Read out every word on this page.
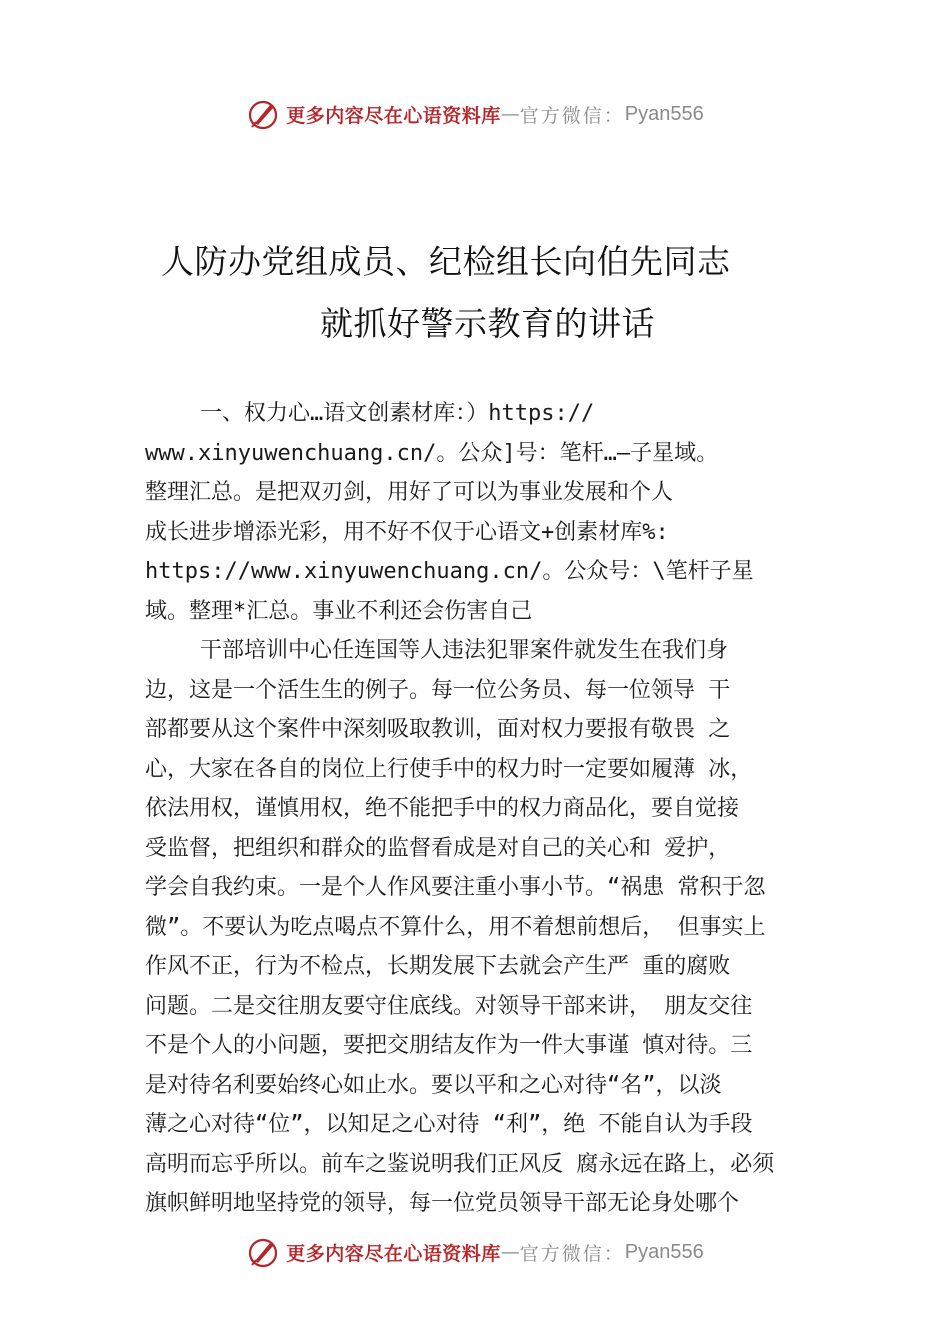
更多内容尽在心语资料库 — 官方微信： Pyan556
人防办党组成员、纪检组长向伯先同志
就抓好警示教育的讲话
一、权力心…语文创素材库：）https://
www.xinyuwenchuang.cn/。公众]号：笔杆…—子星域。
整理汇总。是把双刃剑，用好了可以为事业发展和个人
成长进步增添光彩，用不好不仅于心语文+创素材库%:
https://www.xinyuwenchuang.cn/。公众号：\笔杆子星
域。整理*汇总。事业不利还会伤害自己
干部培训中心任连国等人违法犯罪案件就发生在我们身
边，这是一个活生生的例子。每一位公务员、每一位领导 干
部都要从这个案件中深刻吸取教训，面对权力要报有敬畏 之
心，大家在各自的岗位上行使手中的权力时一定要如履薄 冰，
依法用权，谨慎用权，绝不能把手中的权力商品化，要自觉接
受监督，把组织和群众的监督看成是对自己的关心和 爱护，
学会自我约束。一是个人作风要注重小事小节。“祸患 常积于忽
微”。不要认为吃点喝点不算什么，用不着想前想后， 但事实上
作风不正，行为不检点，长期发展下去就会产生严 重的腐败
问题。二是交往朋友要守住底线。对领导干部来讲， 朋友交往
不是个人的小问题，要把交朋结友作为一件大事谨 慎对待。三
是对待名利要始终心如止水。要以平和之心对待“名”，以淡
薄之心对待“位”，以知足之心对待 “利”，绝 不能自认为手段
高明而忘乎所以。前车之鉴说明我们正风反 腐永远在路上，必须
旗帜鲜明地坚持党的领导，每一位党员领导干部无论身处哪个
更多内容尽在心语资料库 — 官方微信： Pyan556
